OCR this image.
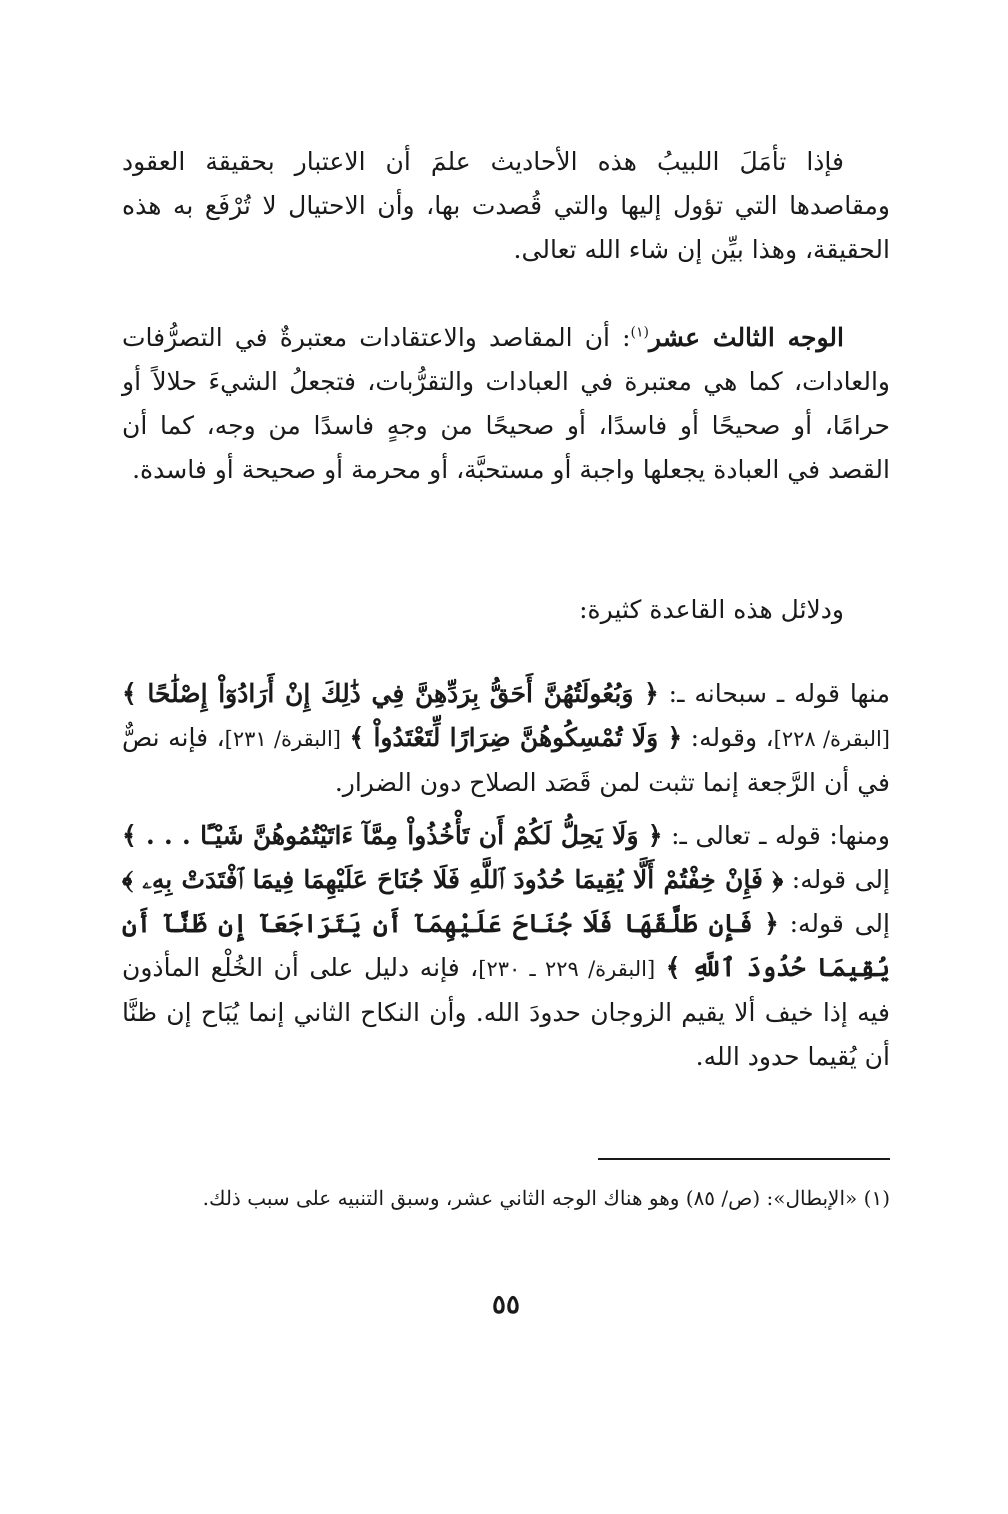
فإذا تأمَلَ اللبيبُ هذه الأحاديث علمَ أن الاعتبار بحقيقة العقود ومقاصدها التي تؤول إليها والتي قُصدت بها، وأن الاحتيال لا تُرْفَع به هذه الحقيقة، وهذا بيِّن إن شاء الله تعالى.

الوجه الثالث عشر$^{(١)}$: أن المقاصد والاعتقادات معتبرةٌ في التصرُّفات والعادات، كما هي معتبرة في العبادات والتقرُّبات، فتجعلُ الشيءَ حلالاً أو حرامًا، أو صحيحًا أو فاسدًا، أو صحيحًا من وجهٍ فاسدًا من وجه، كما أن القصد في العبادة يجعلها واجبة أو مستحبَّة، أو محرمة أو صحيحة أو فاسدة.

ودلائل هذه القاعدة كثيرة:

منها قوله ـ سبحانه ـ: ﴿ وَبُعُولَتُهُنَّ أَحَقُّ بِرَدِّهِنَّ فِي ذَٰلِكَ إِنْ أَرَادُوٓاْ إِصْلَٰحًا ﴾ [البقرة/ ٢٢٨]، وقوله: ﴿ وَلَا تُمْسِكُوهُنَّ ضِرَارًا لِّتَعْتَدُواْ ﴾ [البقرة/ ٢٣١]، فإنه نصٌّ في أن الرَّجعة إنما تثبت لمن قَصَد الصلاح دون الضرار.

ومنها: قوله ـ تعالى ـ: ﴿ وَلَا يَحِلُّ لَكُمْ أَن تَأْخُذُواْ مِمَّآ ءَاتَيْتُمُوهُنَّ شَيْـًٔا . . . ﴾ إلى قوله: ﴿ فَإِنْ خِفْتُمْ أَلَّا يُقِيمَا حُدُودَ ٱللَّهِ فَلَا جُنَاحَ عَلَيْهِمَا فِيمَا ٱفْتَدَتْ بِهِۦ ﴾ إلى قوله: ﴿ فَإِن طَلَّقَهَا فَلَا جُنَاحَ عَلَيْهِمَآ أَن يَتَرَاجَعَآ إِن ظَنَّآ أَن يُقِيمَا حُدُودَ ٱللَّهِ ﴾ [البقرة/ ٢٢٩ ـ ٢٣٠]، فإنه دليل على أن الخُلْع المأذون فيه إذا خيف ألا يقيم الزوجان حدودَ الله. وأن النكاح الثاني إنما يُبَاح إن ظنَّا أن يُقيما حدود الله.

(١) «الإبطال»: (ص/ ٨٥) وهو هناك الوجه الثاني عشر، وسبق التنبيه على سبب ذلك.

٥٥
